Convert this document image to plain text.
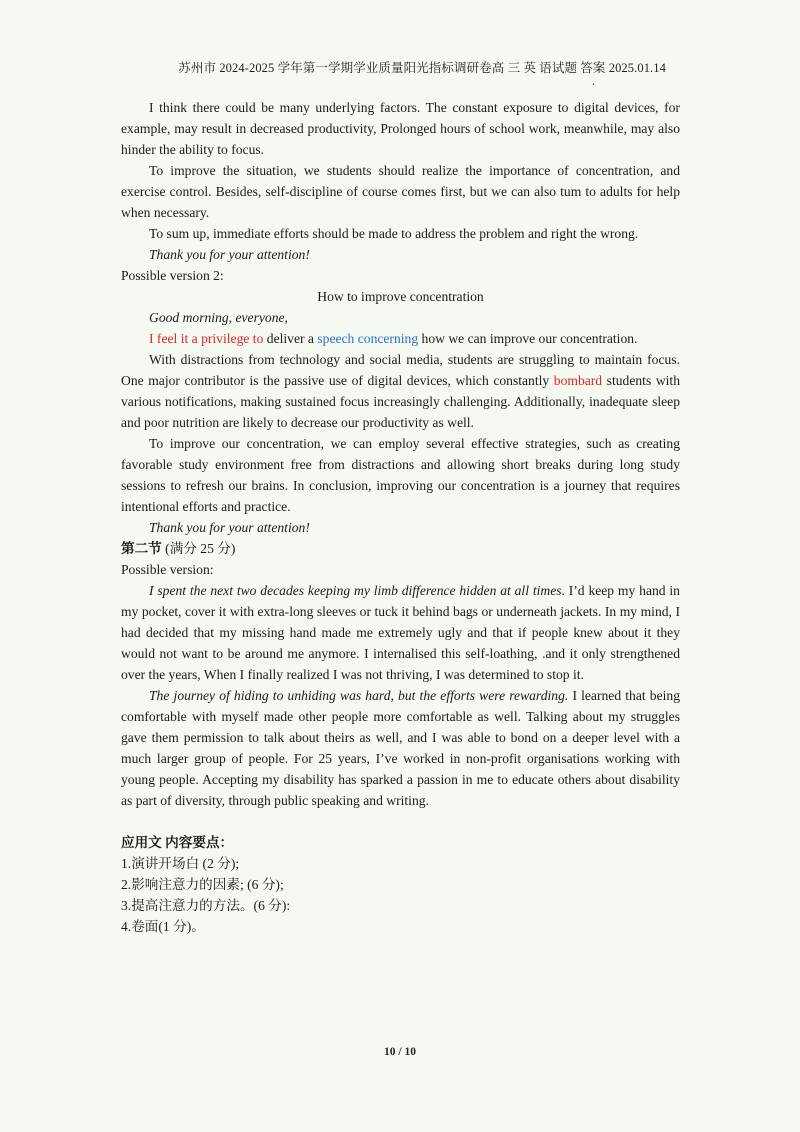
苏州市 2024-2025 学年第一学期学业质量阳光指标调研卷高 三 英 语试题 答案 2025.01.14
.

I think there could be many underlying factors. The constant exposure to digital devices, for example, may result in decreased productivity, Prolonged hours of school work, meanwhile, may also hinder the ability to focus.

To improve the situation, we students should realize the importance of concentration, and exercise control. Besides, self-discipline of course comes first, but we can also tum to adults for help when necessary.

To sum up, immediate efforts should be made to address the problem and right the wrong.

Thank you for your attention!

Possible version 2:

How to improve concentration

Good morning, everyone,

I feel it a privilege to deliver a speech concerning how we can improve our concentration.

With distractions from technology and social media, students are struggling to maintain focus. One major contributor is the passive use of digital devices, which constantly bombard students with various notifications, making sustained focus increasingly challenging. Additionally, inadequate sleep and poor nutrition are likely to decrease our productivity as well.

To improve our concentration, we can employ several effective strategies, such as creating favorable study environment free from distractions and allowing short breaks during long study sessions to refresh our brains. In conclusion, improving our concentration is a journey that requires intentional efforts and practice.

Thank you for your attention!

第二节 (满分 25 分)

Possible version:

I spent the next two decades keeping my limb difference hidden at all times. I’d keep my hand in my pocket, cover it with extra-long sleeves or tuck it behind bags or underneath jackets. In my mind, I had decided that my missing hand made me extremely ugly and that if people knew about it they would not want to be around me anymore. I internalised this self-loathing, .and it only strengthened over the years, When I finally realized I was not thriving, I was determined to stop it.

The journey of hiding to unhiding was hard, but the efforts were rewarding. I learned that being comfortable with myself made other people more comfortable as well. Talking about my struggles gave them permission to talk about theirs as well, and I was able to bond on a deeper level with a much larger group of people. For 25 years, I’ve worked in non-profit organisations working with young people. Accepting my disability has sparked a passion in me to educate others about disability as part of diversity, through public speaking and writing.

应用文 内容要点：

1.演讲开场白 (2 分);

2.影响注意力的因素; (6 分);

3.提高注意力的方法。(6 分):

4.卷面(1 分)。

10 / 10
